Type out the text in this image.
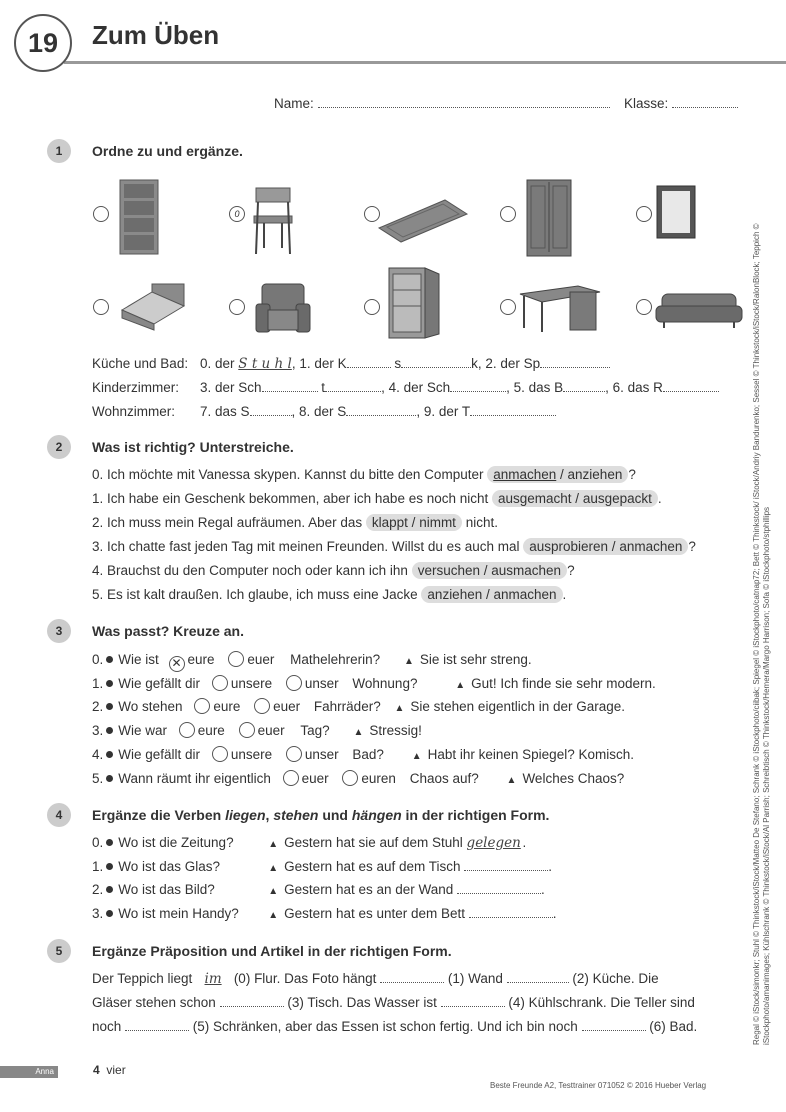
19 Zum Üben
Name:	Klasse:
1	Ordne zu und ergänze.
0
Küche und Bad: 0. der S t u h l, 1. der K	s	k, 2. der Sp
Kinderzimmer: 3. der Sch	t	, 4. der Sch	, 5. das B	, 6. das R
Wohnzimmer: 7. das S	, 8. der S	, 9. der T
2	Was ist richtig? Unterstreiche.
0. Ich möchte mit Vanessa skypen. Kannst du bitte den Computer anmachen / anziehen ?
1. Ich habe ein Geschenk bekommen, aber ich habe es noch nicht ausgemacht / ausgepackt .
2. Ich muss mein Regal aufräumen. Aber das klappt / nimmt nicht.
3. Ich chatte fast jeden Tag mit meinen Freunden. Willst du es auch mal ausprobieren / anmachen ?
4. Brauchst du den Computer noch oder kann ich ihn versuchen / ausmachen ?
5. Es ist kalt draußen. Ich glaube, ich muss eine Jacke anziehen / anmachen .
3	Was passt? Kreuze an.
0. Wie ist ✕ eure euer Mathelehrerin? ▲ Sie ist sehr streng.
1. Wie gefällt dir unsere unser Wohnung?	▲ Gut! Ich finde sie sehr modern.
2. Wo stehen eure euer Fahrräder? ▲ Sie stehen eigentlich in der Garage.
3. Wie war eure euer Tag? ▲ Stressig!
4. Wie gefällt dir unsere unser Bad?	▲ Habt ihr keinen Spiegel? Komisch.
5. Wann räumt ihr eigentlich euer euren Chaos auf?	▲ Welches Chaos?
4	Ergänze die Verben liegen, stehen und hängen in der richtigen Form.
0. Wo ist die Zeitung?	▲ Gestern hat sie auf dem Stuhl gelegen .
1. Wo ist das Glas?	▲ Gestern hat es auf dem Tisch	.
2. Wo ist das Bild?	▲ Gestern hat es an der Wand	.
3. Wo ist mein Handy?	▲ Gestern hat es unter dem Bett	.
5	Ergänze Präposition und Artikel in der richtigen Form.
Der Teppich liegt im (0) Flur. Das Foto hängt	(1) Wand	(2) Küche. Die
Gläser stehen schon	(3) Tisch. Das Wasser ist	(4) Kühlschrank. Die Teller sind
noch	(5) Schränken, aber das Essen ist schon fertig. Und ich bin noch	(6) Bad.	Regal © iStock/simonkr; Stuhl © Thinkstock/iStock/Matteo De Stefano; Schrank © iStockphoto/ciibak; Spiegel © iStockphoto/catnap72; Bett © Thinkstock/ iStock/Andriy Bandurenko; Sessel © Thinkstock/iStock/RalonBlock; Teppich © iStockphoto/amanimages; Kühlschrank © Thinkstock/iStock/Al Parrish; Schreibtisch © Thinkstock/Hemera/Margo Harrison; Sofa © iStockphoto/stphillips
Anna	4 vier
Beste Freunde A2, Testtrainer 071052 © 2016 Hueber Verlag
